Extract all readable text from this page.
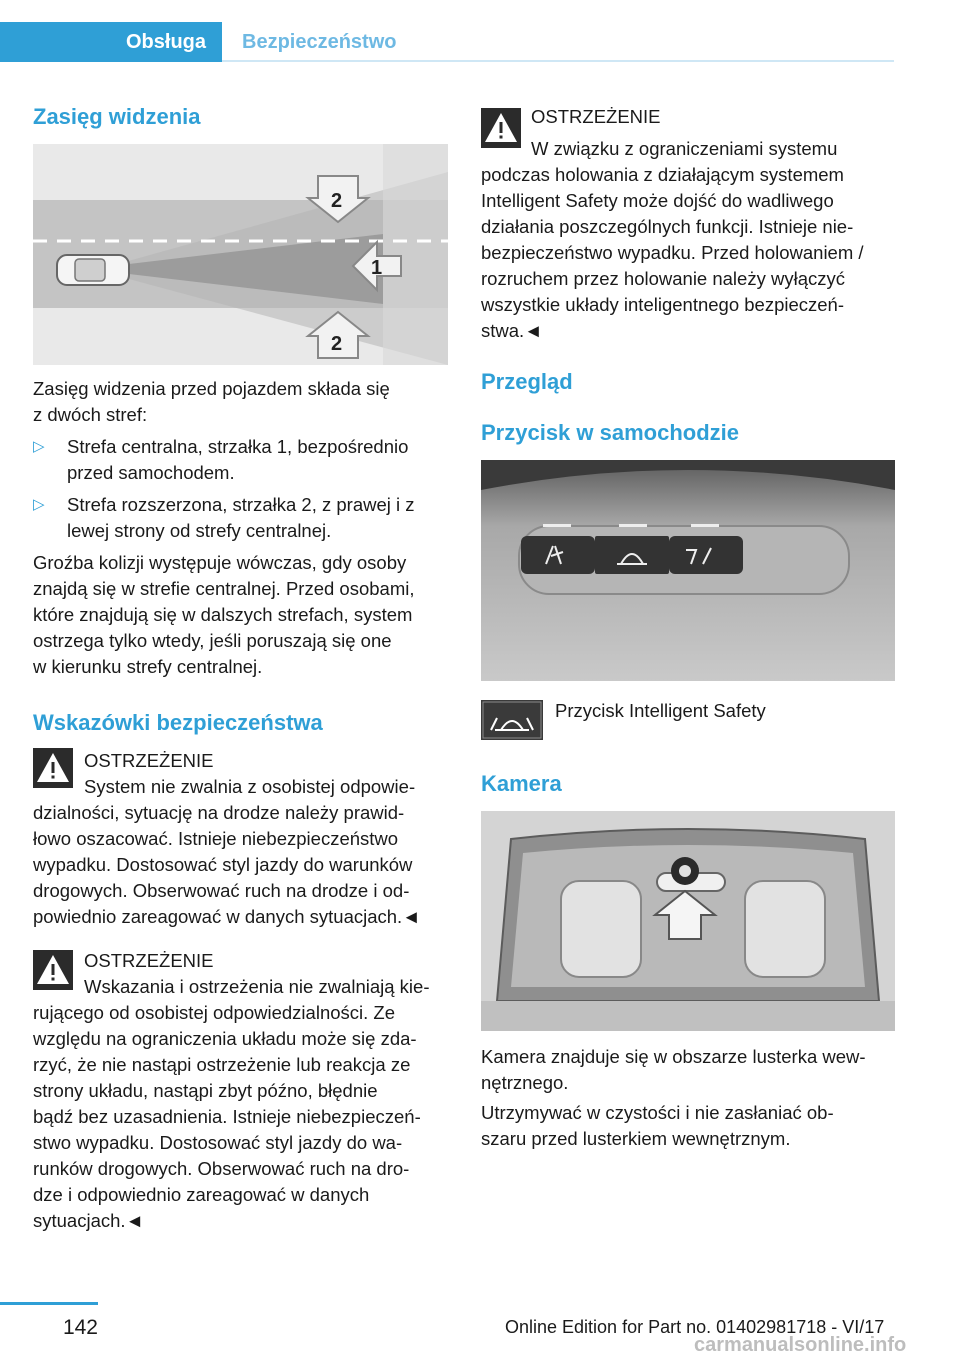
Obsługa	Bezpieczeństwo
Zasięg widzenia
2
1
2
Zasięg widzenia przed pojazdem składa się
z dwóch stref:
▷ Strefa centralna, strzałka 1, bezpośrednio
przed samochodem.
▷ Strefa rozszerzona, strzałka 2, z prawej i z
lewej strony od strefy centralnej.
Groźba kolizji występuje wówczas, gdy osoby
znajdą się w strefie centralnej. Przed osobami,
które znajdują się w dalszych strefach, system
ostrzega tylko wtedy, jeśli poruszają się one
w kierunku strefy centralnej.
Wskazówki bezpieczeństwa
OSTRZEŻENIE

System nie zwalnia z osobistej odpowie-
dzialności, sytuację na drodze należy prawid-
łowo oszacować. Istnieje niebezpieczeństwo
wypadku. Dostosować styl jazdy do warunków
drogowych. Obserwować ruch na drodze i od-
powiednio zareagować w danych sytuacjach.◄

OSTRZEŻENIE

Wskazania i ostrzeżenia nie zwalniają kie-
rującego od osobistej odpowiedzialności. Ze
względu na ograniczenia układu może się zda-
rzyć, że nie nastąpi ostrzeżenie lub reakcja ze
strony układu, nastąpi zbyt późno, błędnie
bądź bez uzasadnienia. Istnieje niebezpieczeń-
stwo wypadku. Dostosować styl jazdy do wa-
runków drogowych. Obserwować ruch na dro-
dze i odpowiednio zareagować w danych
sytuacjach.◄

OSTRZEŻENIE

W związku z ograniczeniami systemu
podczas holowania z działającym systemem
Intelligent Safety może dojść do wadliwego
działania poszczególnych funkcji. Istnieje nie-
bezpieczeństwo wypadku. Przed holowaniem /
rozruchem przez holowanie należy wyłączyć
wszystkie układy inteligentnego bezpieczeń-
stwa.◄

Przegląd
Przycisk w samochodzie
Przycisk Intelligent Safety
Kamera
Kamera znajduje się w obszarze lusterka wew-
nętrznego.
Utrzymywać w czystości i nie zasłaniać ob-
szaru przed lusterkiem wewnętrznym.
142	Online Edition for Part no. 01402981718 - VI/17
carmanualsonline.info
